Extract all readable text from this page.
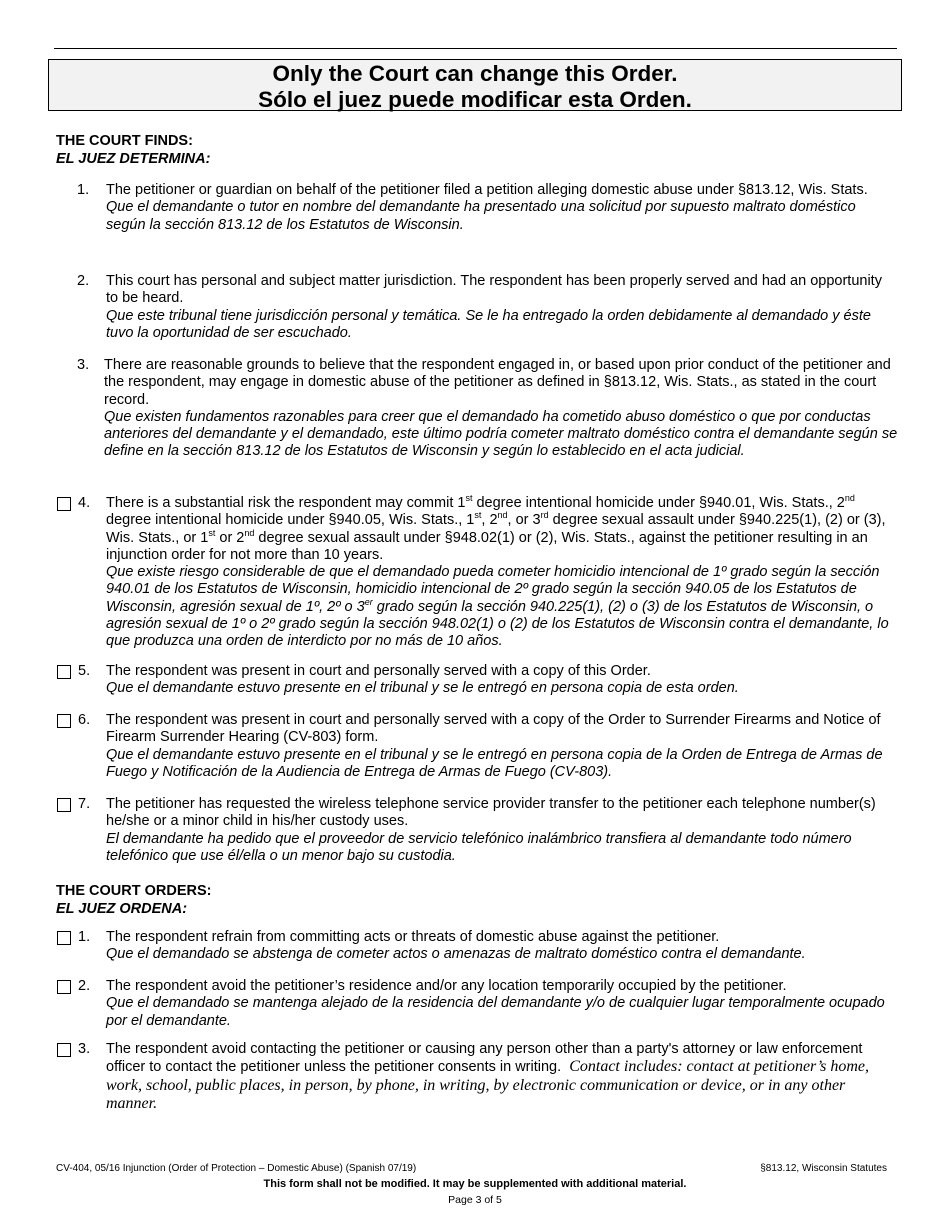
Only the Court can change this Order.
Sólo el juez puede modificar esta Orden.
THE COURT FINDS:
EL JUEZ DETERMINA:
1. The petitioner or guardian on behalf of the petitioner filed a petition alleging domestic abuse under §813.12, Wis. Stats.
Que el demandante o tutor en nombre del demandante ha presentado una solicitud por supuesto maltrato doméstico según la sección 813.12 de los Estatutos de Wisconsin.
2. This court has personal and subject matter jurisdiction. The respondent has been properly served and had an opportunity to be heard.
Que este tribunal tiene jurisdicción personal y temática. Se le ha entregado la orden debidamente al demandado y éste tuvo la oportunidad de ser escuchado.
3. There are reasonable grounds to believe that the respondent engaged in, or based upon prior conduct of the petitioner and the respondent, may engage in domestic abuse of the petitioner as defined in §813.12, Wis. Stats., as stated in the court record.
Que existen fundamentos razonables para creer que el demandado ha cometido abuso doméstico o que por conductas anteriores del demandante y el demandado, este último podría cometer maltrato doméstico contra el demandante según se define en la sección 813.12 de los Estatutos de Wisconsin y según lo establecido en el acta judicial.
4. There is a substantial risk the respondent may commit 1st degree intentional homicide under §940.01, Wis. Stats., 2nd degree intentional homicide under §940.05, Wis. Stats., 1st, 2nd, or 3rd degree sexual assault under §940.225(1), (2) or (3), Wis. Stats., or 1st or 2nd degree sexual assault under §948.02(1) or (2), Wis. Stats., against the petitioner resulting in an injunction order for not more than 10 years.
Que existe riesgo considerable de que el demandado pueda cometer homicidio intencional de 1º grado según la sección 940.01 de los Estatutos de Wisconsin, homicidio intencional de 2º grado según la sección 940.05 de los Estatutos de Wisconsin, agresión sexual de 1º, 2º o 3er grado según la sección 940.225(1), (2) o (3) de los Estatutos de Wisconsin, o agresión sexual de 1º o 2º grado según la sección 948.02(1) o (2) de los Estatutos de Wisconsin contra el demandante, lo que produzca una orden de interdicto por no más de 10 años.
5. The respondent was present in court and personally served with a copy of this Order.
Que el demandante estuvo presente en el tribunal y se le entregó en persona copia de esta orden.
6. The respondent was present in court and personally served with a copy of the Order to Surrender Firearms and Notice of Firearm Surrender Hearing (CV-803) form.
Que el demandante estuvo presente en el tribunal y se le entregó en persona copia de la Orden de Entrega de Armas de Fuego y Notificación de la Audiencia de Entrega de Armas de Fuego (CV-803).
7. The petitioner has requested the wireless telephone service provider transfer to the petitioner each telephone number(s) he/she or a minor child in his/her custody uses.
El demandante ha pedido que el proveedor de servicio telefónico inalámbrico transfiera al demandante todo número telefónico que use él/ella o un menor bajo su custodia.
THE COURT ORDERS:
EL JUEZ ORDENA:
1. The respondent refrain from committing acts or threats of domestic abuse against the petitioner.
Que el demandado se abstenga de cometer actos o amenazas de maltrato doméstico contra el demandante.
2. The respondent avoid the petitioner’s residence and/or any location temporarily occupied by the petitioner.
Que el demandado se mantenga alejado de la residencia del demandante y/o de cualquier lugar temporalmente ocupado por el demandante.
3. The respondent avoid contacting the petitioner or causing any person other than a party's attorney or law enforcement officer to contact the petitioner unless the petitioner consents in writing. Contact includes: contact at petitioner’s home, work, school, public places, in person, by phone, in writing, by electronic communication or device, or in any other manner.
CV-404, 05/16 Injunction (Order of Protection – Domestic Abuse) (Spanish 07/19)	§813.12, Wisconsin Statutes
This form shall not be modified. It may be supplemented with additional material.
Page 3 of 5
